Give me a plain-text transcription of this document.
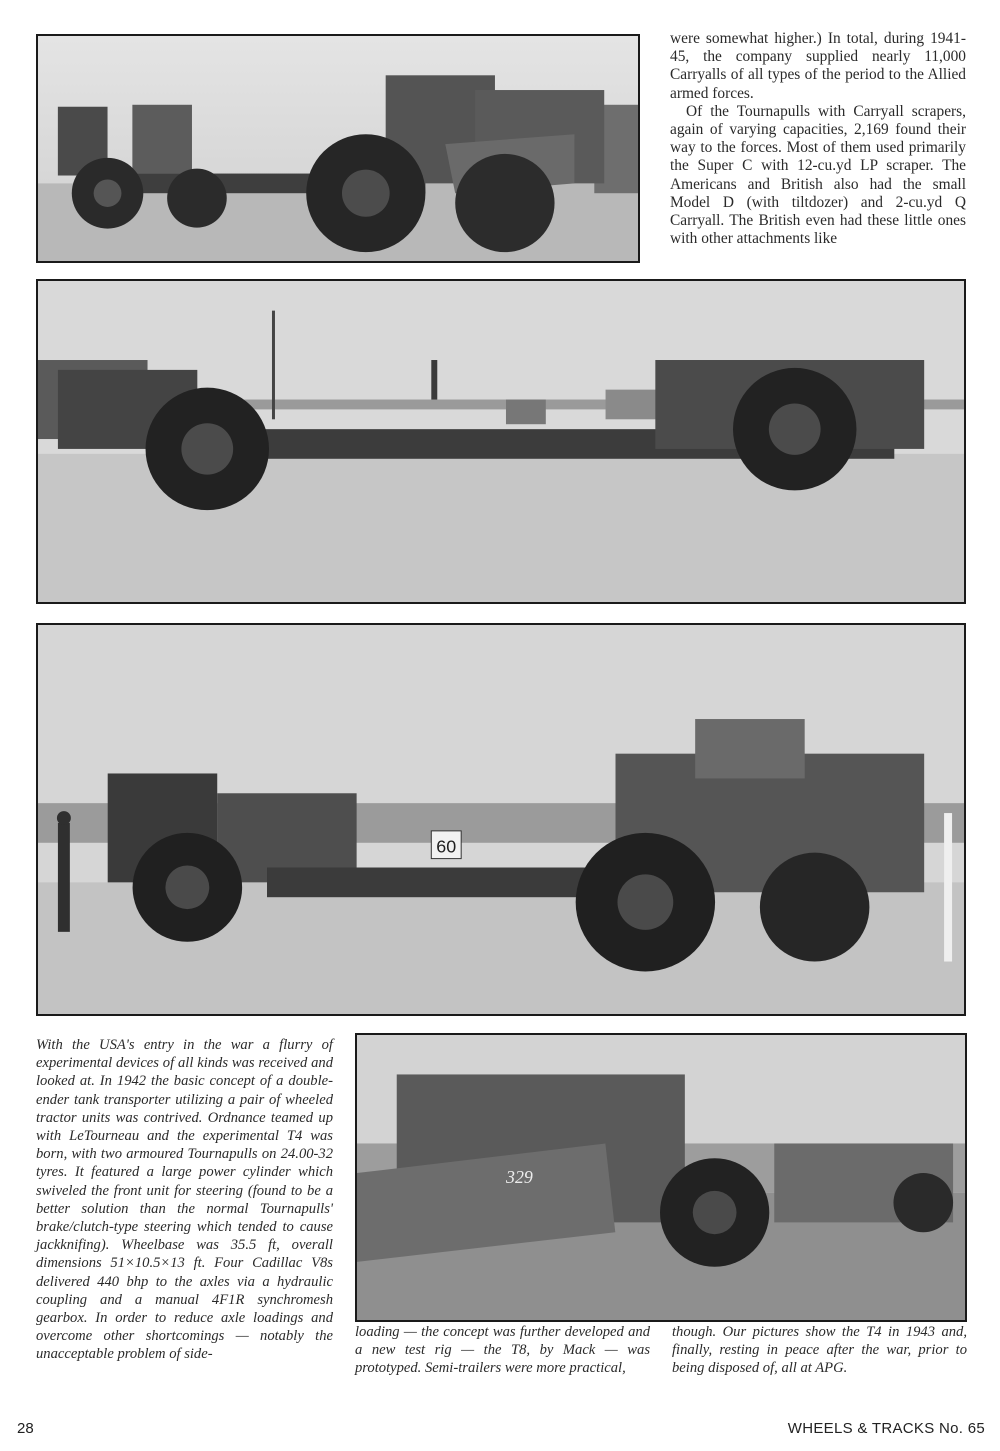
were somewhat higher.) In total, during 1941-45, the company supplied nearly 11,000 Carryalls of all types of the period to the Allied armed forces.

Of the Tournapulls with Carryall scrapers, again of varying capacities, 2,169 found their way to the forces. Most of them used primarily the Super C with 12-cu.yd LP scraper. The Americans and British also had the small Model D (with tiltdozer) and 2-cu.yd Q Carryall. The British even had these little ones with other attachments like

60
With the USA's entry in the war a flurry of experimental devices of all kinds was received and looked at. In 1942 the basic concept of a double-ender tank transporter utilizing a pair of wheeled tractor units was contrived. Ordnance teamed up with LeTourneau and the experimental T4 was born, with two armoured Tournapulls on 24.00-32 tyres. It featured a large power cylinder which swiveled the front unit for steering (found to be a better solution than the normal Tournapulls' brake/clutch-type steering which tended to cause jackknifing). Wheelbase was 35.5 ft, overall dimensions 51×10.5×13 ft. Four Cadillac V8s delivered 440 bhp to the axles via a hydraulic coupling and a manual 4F1R synchromesh gearbox. In order to reduce axle loadings and overcome other shortcomings — notably the unacceptable problem of side-
329
loading — the concept was further developed and a new test rig — the T8, by Mack — was prototyped. Semi-trailers were more practical,
though. Our pictures show the T4 in 1943 and, finally, resting in peace after the war, prior to being disposed of, all at APG.
28	WHEELS & TRACKS No. 65
